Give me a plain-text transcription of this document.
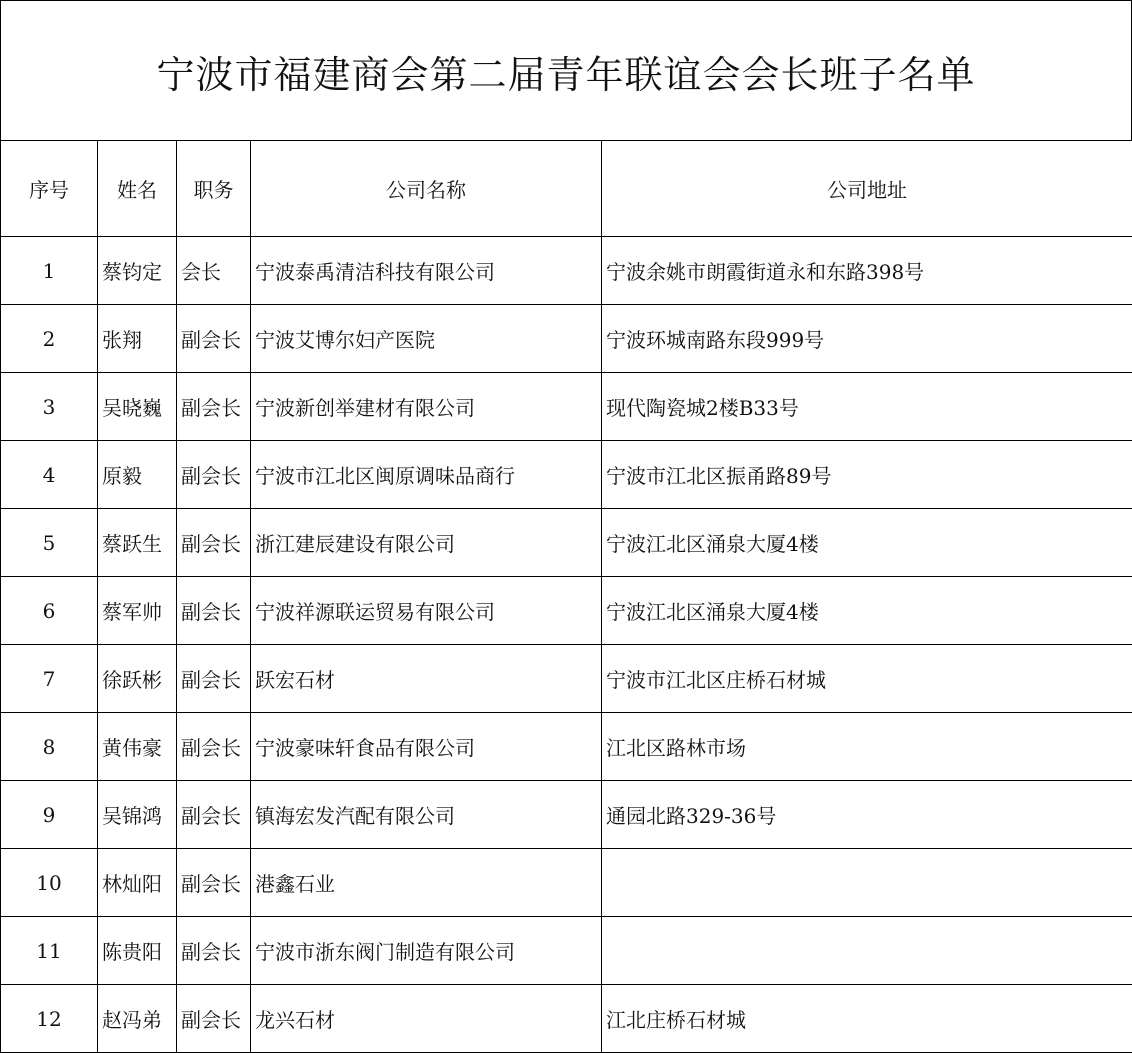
宁波市福建商会第二届青年联谊会会长班子名单
序号	姓名	职务	公司名称	公司地址
1	蔡钧定	会长	宁波泰禹清洁科技有限公司	宁波余姚市朗霞街道永和东路398号
2	张翔	副会长	宁波艾博尔妇产医院	宁波环城南路东段999号
3	吴晓巍	副会长	宁波新创举建材有限公司	现代陶瓷城2楼B33号
4	原毅	副会长	宁波市江北区闽原调味品商行	宁波市江北区振甬路89号
5	蔡跃生	副会长	浙江建辰建设有限公司	宁波江北区涌泉大厦4楼
6	蔡军帅	副会长	宁波祥源联运贸易有限公司	宁波江北区涌泉大厦4楼
7	徐跃彬	副会长	跃宏石材	宁波市江北区庄桥石材城
8	黄伟豪	副会长	宁波豪味轩食品有限公司	江北区路林市场
9	吴锦鸿	副会长	镇海宏发汽配有限公司	通园北路329-36号
10	林灿阳	副会长	港鑫石业	
11	陈贵阳	副会长	宁波市浙东阀门制造有限公司	
12	赵冯弟	副会长	龙兴石材	江北庄桥石材城
